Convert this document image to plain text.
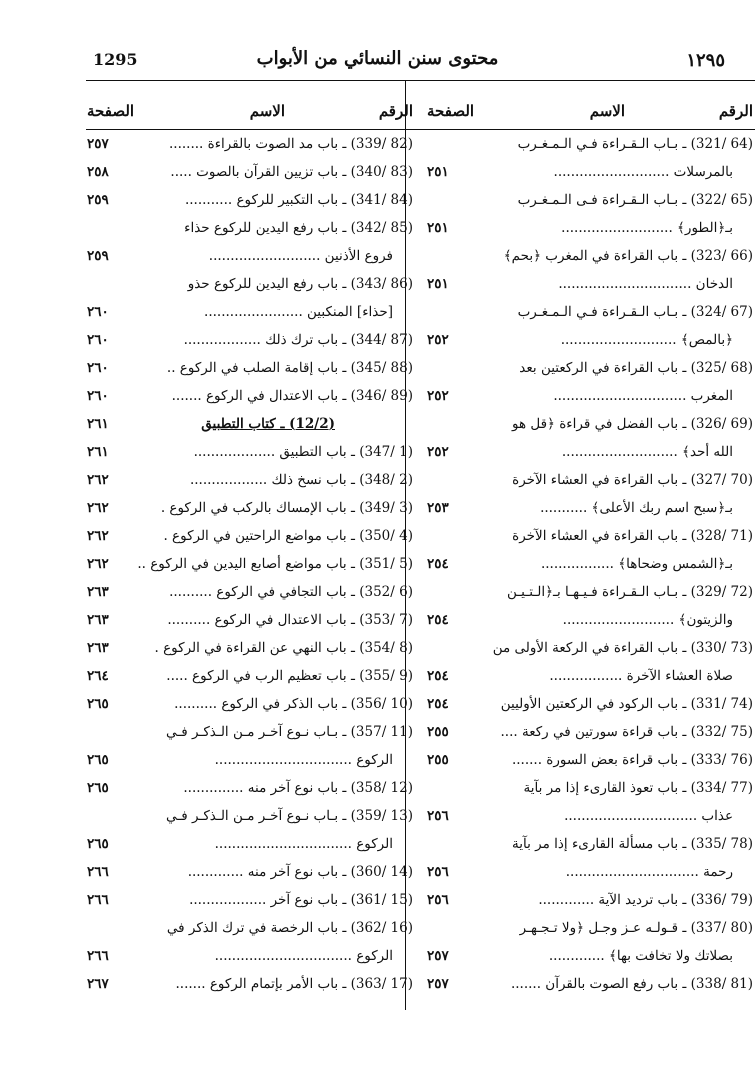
1295	محتوى سنن النسائي من الأبواب	١٢٩٥
الرقم
الاسم
الصفحة
(64 /321) ـ بـاب الـقـراءة فـي الـمـغـرب
بالمرسلات ...........................
٢٥١
(65 /322) ـ بـاب الـقـراءة فـى الـمـغـرب
بـ﴿الطور﴾ ..........................
٢٥١
(66 /323) ـ باب القراءة في المغرب ﴿بحم﴾
الدخان ...............................
٢٥١
(67 /324) ـ بـاب الـقـراءة فـي الـمـغـرب
﴿بالمص﴾ ...........................
٢٥٢
(68 /325) ـ باب القراءة في الركعتين بعد
المغرب ...............................
٢٥٢
(69 /326) ـ باب الفضل في قراءة ﴿قل هو
الله أحد﴾ ...........................
٢٥٢
(70 /327) ـ باب القراءة في العشاء الآخرة
بـ﴿سبح اسم ربك الأعلى﴾ ...........
٢٥٣
(71 /328) ـ باب القراءة في العشاء الآخرة
بـ﴿الشمس وضحاها﴾ .................
٢٥٤
(72 /329) ـ بـاب الـقـراءة فـيـهـا بـ﴿الـتـيـن
والزيتون﴾ ..........................
٢٥٤
(73 /330) ـ باب القراءة في الركعة الأولى من
صلاة العشاء الآخرة .................
٢٥٤
(74 /331) ـ باب الركود في الركعتين الأوليين
٢٥٤
(75 /332) ـ باب قراءة سورتين في ركعة ....
٢٥٥
(76 /333) ـ باب قراءة بعض السورة .......
٢٥٥
(77 /334) ـ باب تعوذ القارىء إذا مر بآية
عذاب ...............................
٢٥٦
(78 /335) ـ باب مسألة القارىء إذا مر بآية
رحمة ...............................
٢٥٦
(79 /336) ـ باب ترديد الآية .............
٢٥٦
(80 /337) ـ قـولـه عـز وجـل ﴿ولا تـجـهـر
بصلاتك ولا تخافت بها﴾ .............
٢٥٧
(81 /338) ـ باب رفع الصوت بالقرآن .......
٢٥٧
الرقم
الاسم
الصفحة
(82 /339) ـ باب مد الصوت بالقراءة ........
٢٥٧
(83 /340) ـ باب تزيين القرآن بالصوت .....
٢٥٨
(84 /341) ـ باب التكبير للركوع ...........
٢٥٩
(85 /342) ـ باب رفع اليدين للركوع حذاء
فروع الأذنين ..........................
٢٥٩
(86 /343) ـ باب رفع اليدين للركوع حذو
[حذاء] المنكبين .......................
٢٦٠
(87 /344) ـ باب ترك ذلك ..................
٢٦٠
(88 /345) ـ باب إقامة الصلب في الركوع ..
٢٦٠
(89 /346) ـ باب الاعتدال في الركوع .......
٢٦٠
(12/2) ـ كتاب التطبيق
٢٦١
(1 /347) ـ باب التطبيق ...................
٢٦١
(2 /348) ـ باب نسخ ذلك ..................
٢٦٢
(3 /349) ـ باب الإمساك بالركب في الركوع .
٢٦٢
(4 /350) ـ باب مواضع الراحتين في الركوع .
٢٦٢
(5 /351) ـ باب مواضع أصابع اليدين في الركوع ..
٢٦٢
(6 /352) ـ باب التجافي في الركوع ..........
٢٦٣
(7 /353) ـ باب الاعتدال في الركوع ..........
٢٦٣
(8 /354) ـ باب النهي عن القراءة في الركوع .
٢٦٣
(9 /355) ـ باب تعظيم الرب في الركوع .....
٢٦٤
(10 /356) ـ باب الذكر في الركوع ..........
٢٦٥
(11 /357) ـ بـاب نـوع آخـر مـن الـذكـر فـي
الركوع ................................
٢٦٥
(12 /358) ـ باب نوع آخر منه ..............
٢٦٥
(13 /359) ـ بـاب نـوع آخـر مـن الـذكـر فـي
الركوع ................................
٢٦٥
(14 /360) ـ باب نوع آخر منه .............
٢٦٦
(15 /361) ـ باب نوع آخر ..................
٢٦٦
(16 /362) ـ باب الرخصة في ترك الذكر في
الركوع ................................
٢٦٦
(17 /363) ـ باب الأمر بإتمام الركوع .......
٢٦٧
